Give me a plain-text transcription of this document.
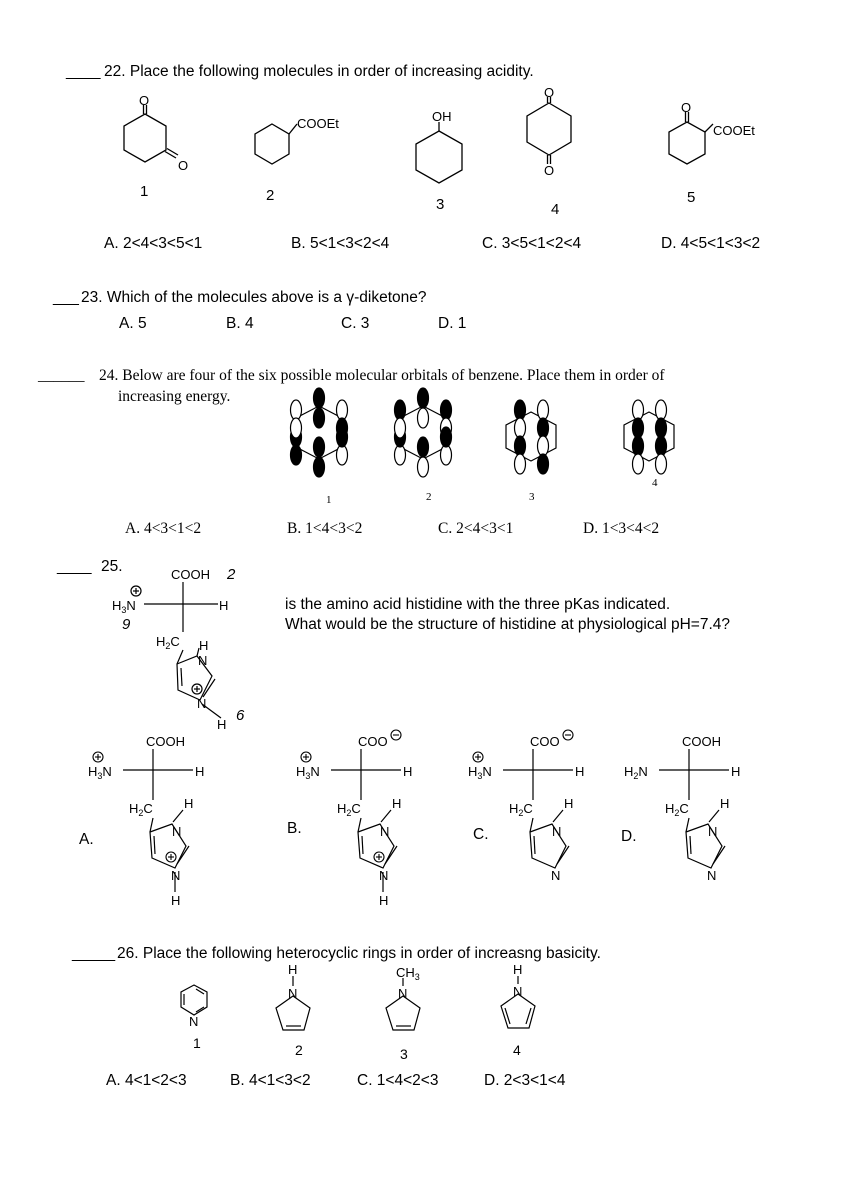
____ 22. Place the following molecules in order of increasing acidity.
O
O
COOEt	OH
O
O
O
COOEt
1	2
3	4
5
1	2	3
4
COOH
$H_3N$	H
$H_2C$ H
N
N
H
2
9
6
COOH
$H_3N$	H
$H_2C$ H
N
N
H
COO
$H_3N$	H
$H_2C$ H
N
N
H
COO
$H_3N$	H
$H_2C$ H
N
N
COOH
$H_2N$	H
$H_2C$ H
N
N
N
H
N
$CH_3$
N
H
N
1	2	3	4
A. 2<4<3<5<1	B. 5<1<3<2<4	C. 3<5<1<2<4	D. 4<5<1<3<2
___ 23. Which of the molecules above is a γ-diketone?
A. 5	B. 4	C. 3	D. 1
______ 24. Below are four of the six possible molecular orbitals of benzene. Place them in order of
increasing energy.
A. 4<3<1<2	B. 1<4<3<2	C. 2<4<3<1	D. 1<3<4<2
____ 25.
is the amino acid histidine with the three pKas indicated.
What would be the structure of histidine at physiological pH=7.4?
A.
B.	C.	D.
_____ 26. Place the following heterocyclic rings in order of increasng basicity.
A. 4<1<2<3	B. 4<1<3<2	C. 1<4<2<3	D. 2<3<1<4
